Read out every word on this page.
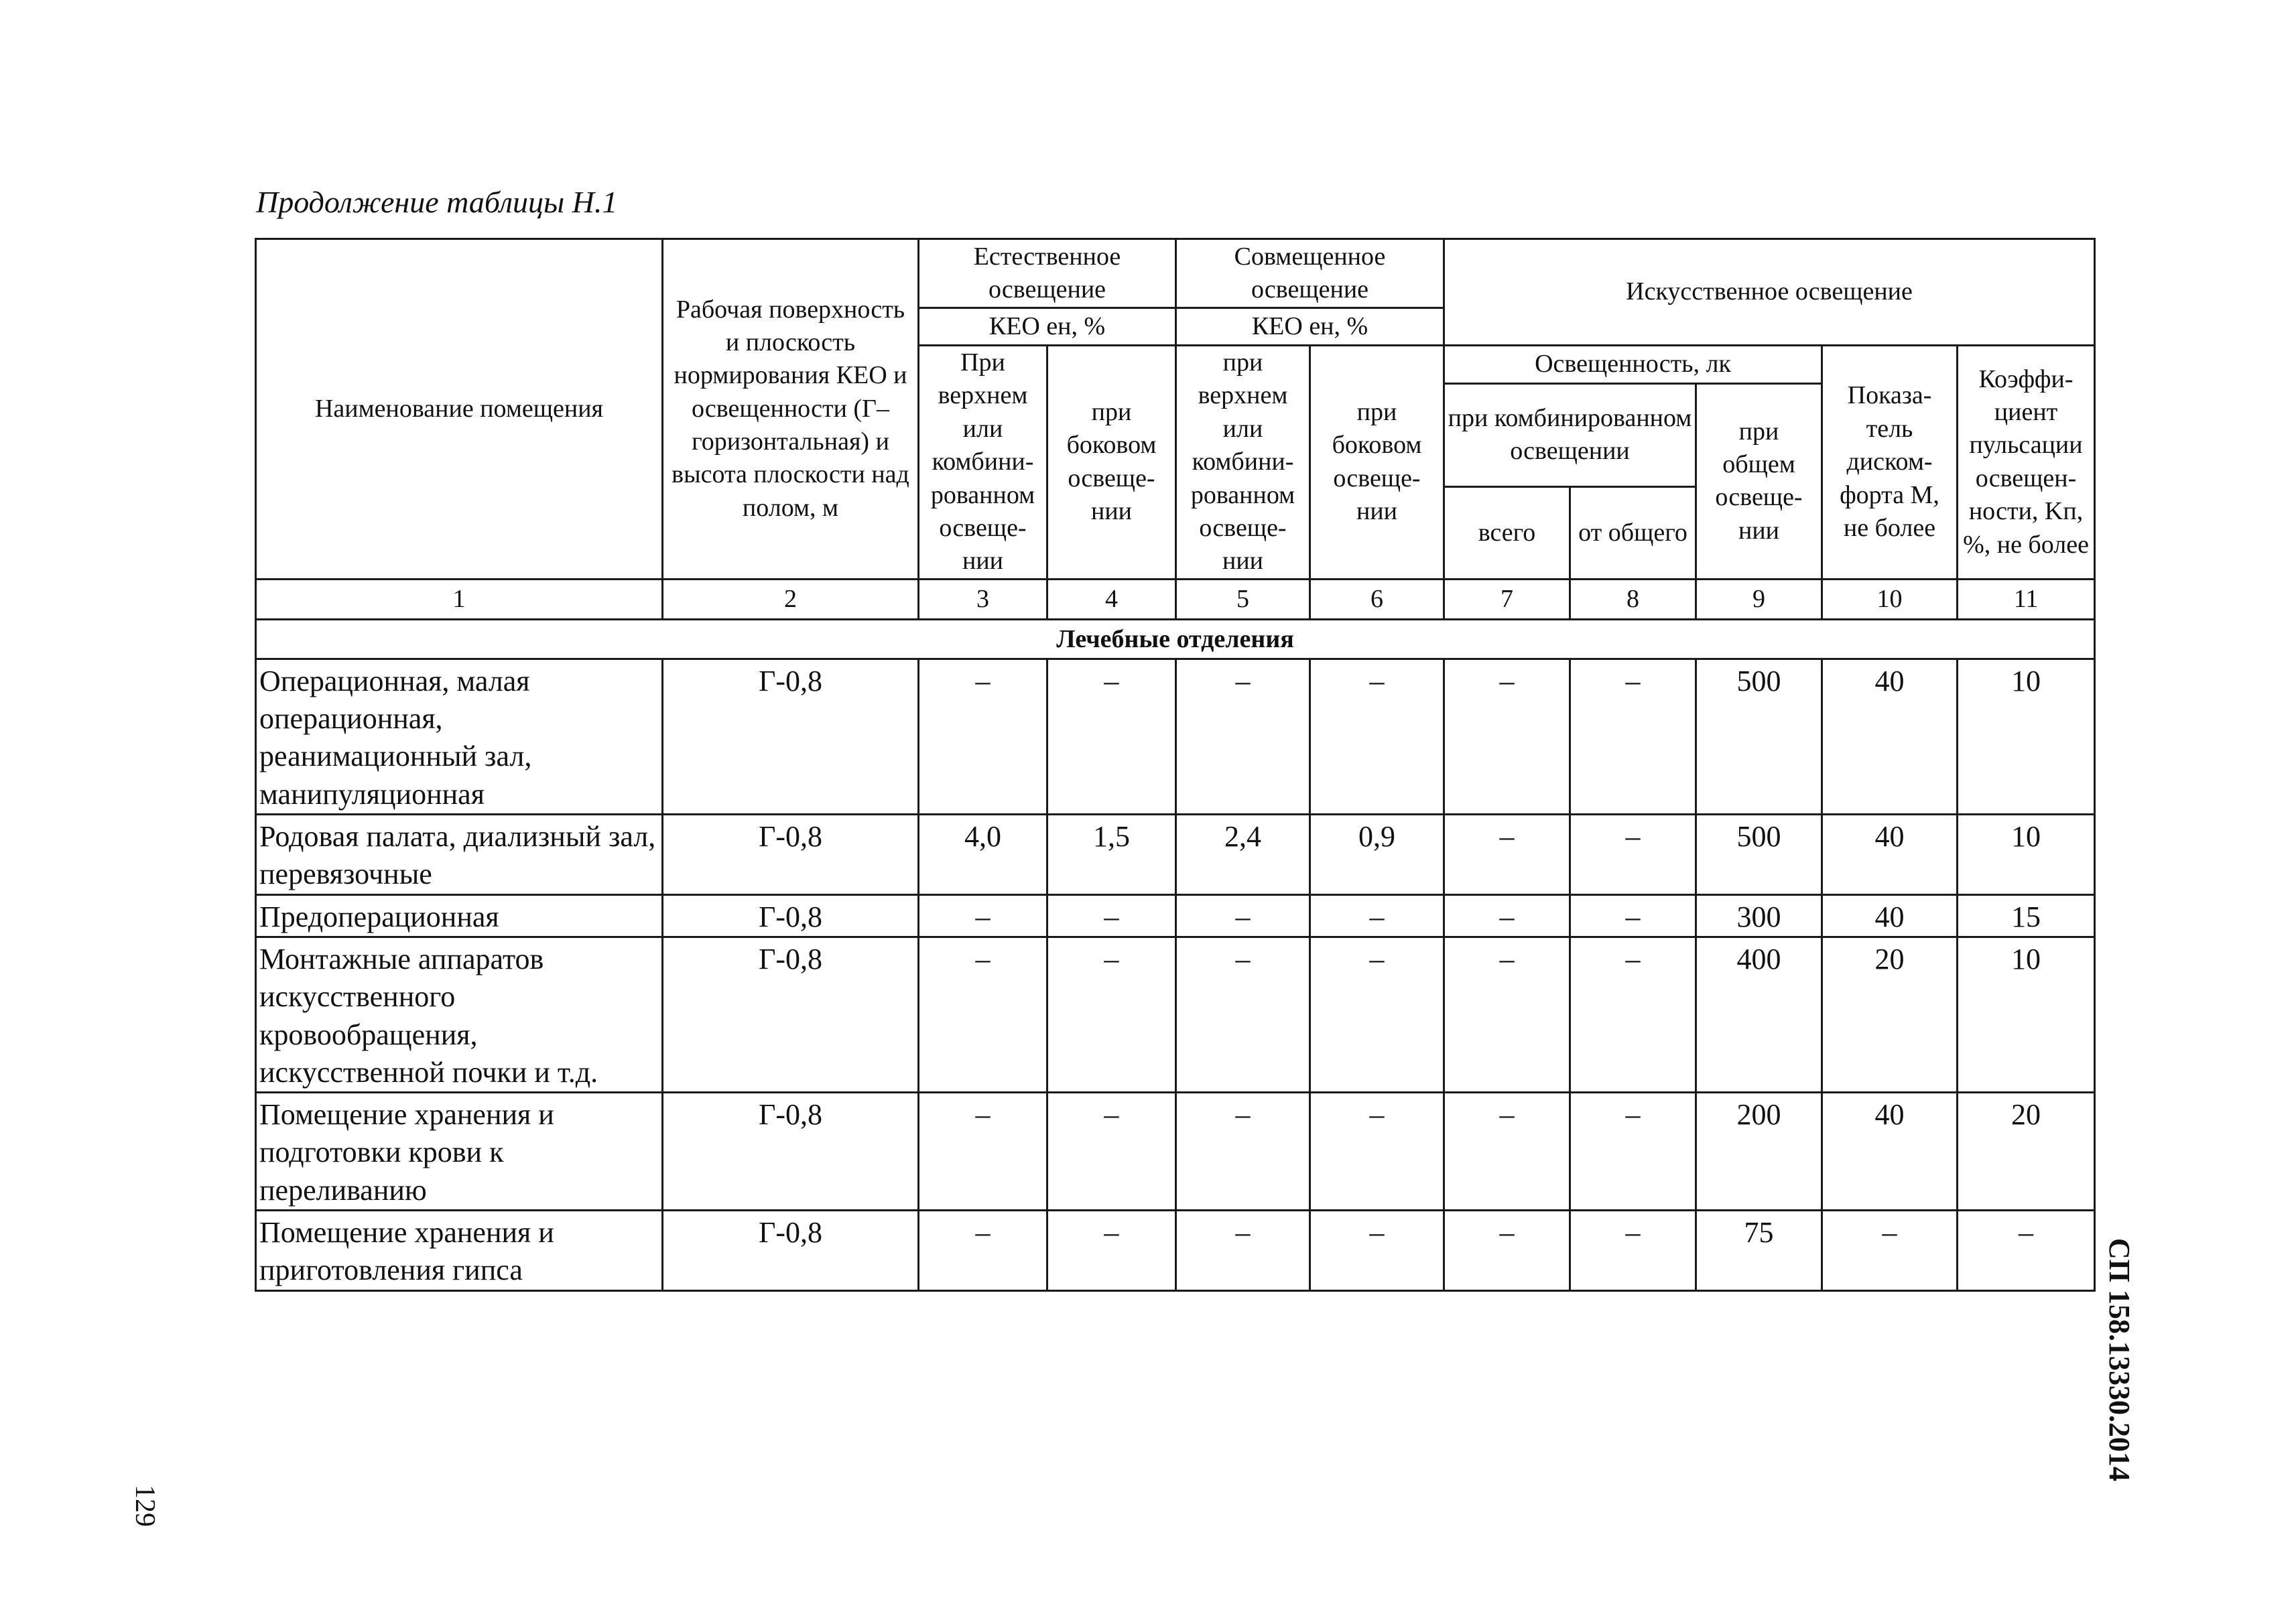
Продолжение таблицы Н.1
Наименование помещения	Рабочая поверхность и плоскость нормирования КЕО и освещенности (Г–горизонтальная) и высота плоскости над полом, м	Естественное освещение		Совмещенное освещение		Искусственное освещение				
		КЕО eн, %		КЕО eн, %						
		При верхнем или комбини-рованном освеще-нии	при боковом освеще-нии	при верхнем или комбини-рованном освеще-нии	при боковом освеще-нии	Освещенность, лк			Показа-тель диском-форта M, не более	Коэффи-циент пульсации освещен-ности, Kп, %, не более
						при комбинированном освещении		при общем освеще-нии		
						всего	от общего			
1	2	3	4	5	6	7	8	9	10	11
Лечебные отделения										
Операционная, малая операционная, реанимационный зал, манипуляционная	Г-0,8	–	–	–	–	–	–	500	40	10
Родовая палата, диализный зал, перевязочные	Г-0,8	4,0	1,5	2,4	0,9	–	–	500	40	10
Предоперационная	Г-0,8	–	–	–	–	–	–	300	40	15
Монтажные аппаратов искусственного кровообращения, искусственной почки и т.д.	Г-0,8	–	–	–	–	–	–	400	20	10
Помещение хранения и подготовки крови к переливанию	Г-0,8	–	–	–	–	–	–	200	40	20
Помещение хранения и приготовления гипса	Г-0,8	–	–	–	–	–	–	75	–	–
СП 158.13330.2014
129
